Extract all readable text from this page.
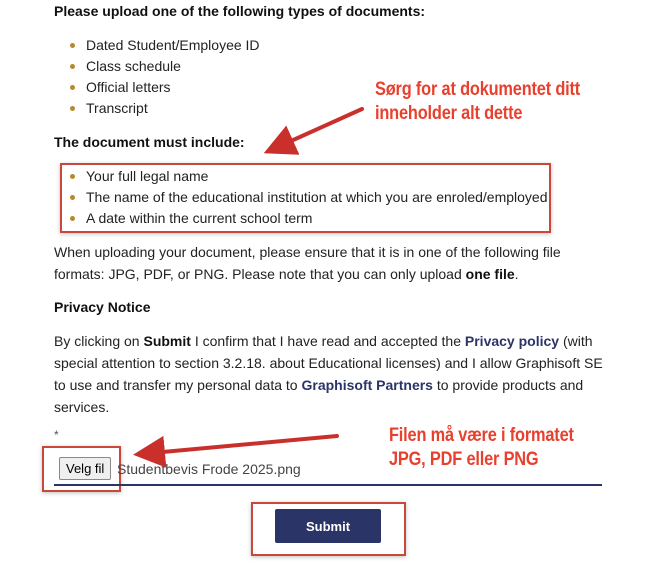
Please upload one of the following types of documents:
Dated Student/Employee ID
Class schedule
Official letters
Transcript
The document must include:
Your full legal name
The name of the educational institution at which you are enroled/employed
A date within the current school term
When uploading your document, please ensure that it is in one of the following file formats: JPG, PDF, or PNG. Please note that you can only upload one file.
Privacy Notice
By clicking on Submit I confirm that I have read and accepted the Privacy policy (with special attention to section 3.2.18. about Educational licenses) and I allow Graphisoft SE to use and transfer my personal data to Graphisoft Partners to provide products and services.
*
Velg fil Studentbevis Frode 2025.png
Submit
Sørg for at dokumentet ditt
inneholder alt dette
Filen må være i formatet
JPG, PDF eller PNG
